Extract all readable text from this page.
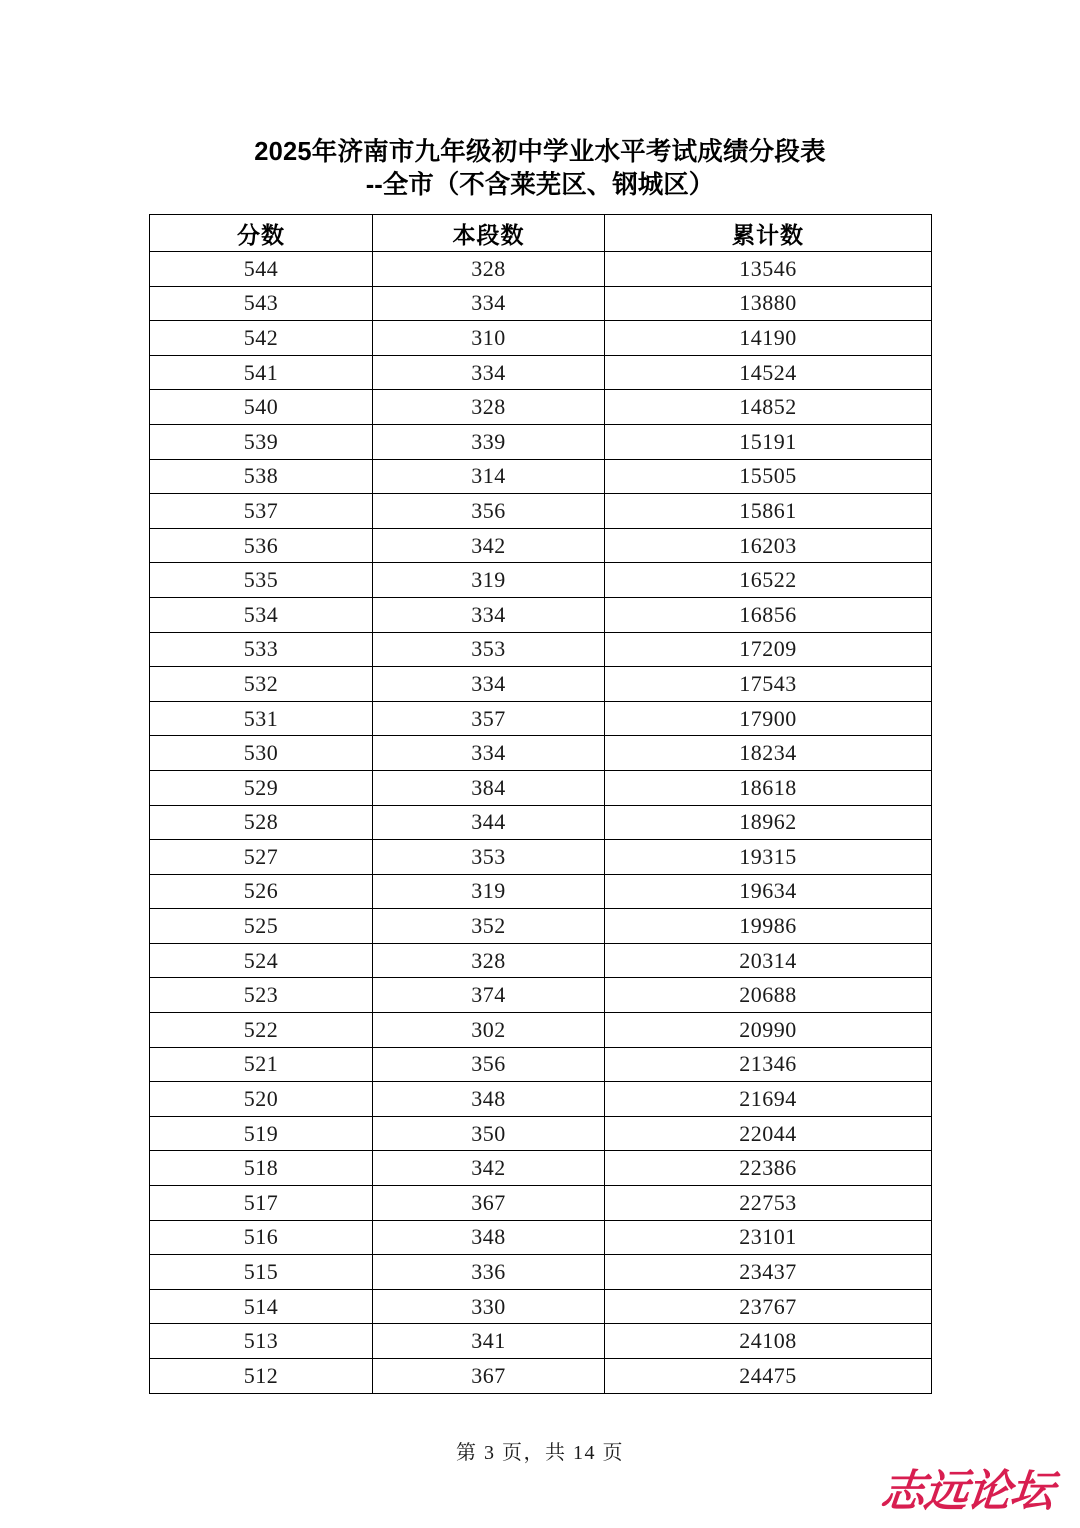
2025年济南市九年级初中学业水平考试成绩分段表
--全市（不含莱芜区、钢城区）
分数	本段数	累计数
544	328	13546
543	334	13880
542	310	14190
541	334	14524
540	328	14852
539	339	15191
538	314	15505
537	356	15861
536	342	16203
535	319	16522
534	334	16856
533	353	17209
532	334	17543
531	357	17900
530	334	18234
529	384	18618
528	344	18962
527	353	19315
526	319	19634
525	352	19986
524	328	20314
523	374	20688
522	302	20990
521	356	21346
520	348	21694
519	350	22044
518	342	22386
517	367	22753
516	348	23101
515	336	23437
514	330	23767
513	341	24108
512	367	24475
第 3 页，共 14 页
志远论坛
